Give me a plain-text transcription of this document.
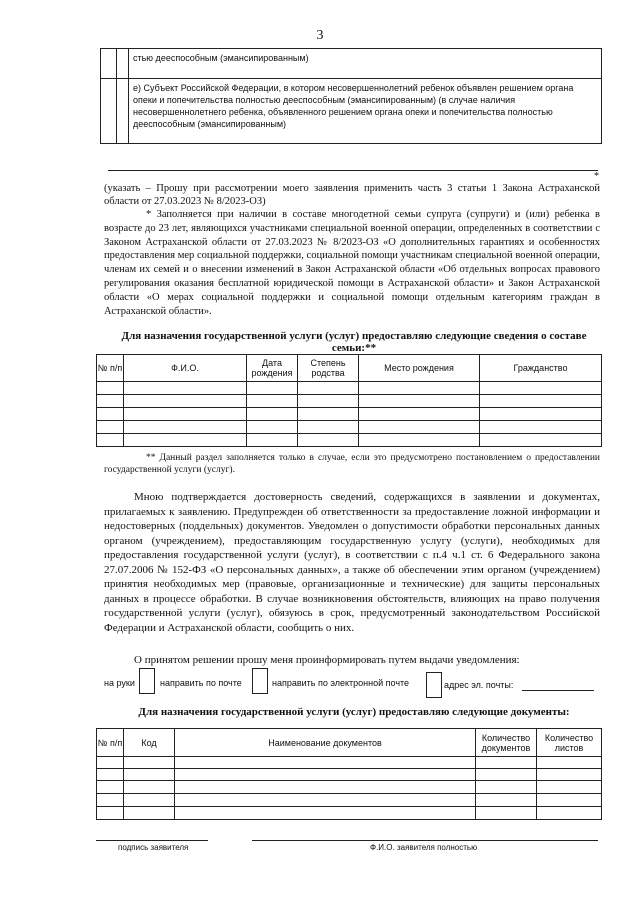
3
		стью дееспособным (эмансипированным)
		е) Субъект Российской Федерации, в котором несовершеннолетний ребенок объявлен решением органа опеки и попечительства полностью дееспособным (эмансипированным) (в случае наличия несовершеннолетнего ребенка, объявленного решением органа опеки и попечительства полностью дееспособным (эмансипированным)
*
(указать – Прошу при рассмотрении моего заявления применить часть 3 статьи 1 Закона Астраханской области от 27.03.2023 № 8/2023-ОЗ)
* Заполняется при наличии в составе многодетной семьи супруга (супруги) и (или) ребенка в возрасте до 23 лет, являющихся участниками специальной военной операции, определенных в соответствии с Законом Астраханской области от 27.03.2023 № 8/2023-ОЗ «О дополнительных гарантиях и особенностях предоставления мер социальной поддержки, социальной помощи участникам специальной военной операции, членам их семей и о внесении изменений в Закон Астраханской области «Об отдельных вопросах правового регулирования оказания бесплатной юридической помощи в Астраханской области» и Закон Астраханской области «О мерах социальной поддержки и социальной помощи отдельным категориям граждан в Астраханской области».
Для назначения государственной услуги (услуг) предоставляю следующие сведения о составе семьи:**
№ п/п	Ф.И.О.	Дата рождения	Степень родства	Место рождения	Гражданство

** Данный раздел заполняется только в случае, если это предусмотрено постановлением о предоставлении государственной услуги (услуг).
Мною подтверждается достоверность сведений, содержащихся в заявлении и документах, прилагаемых к заявлению. Предупрежден об ответственности за предоставление ложной информации и недостоверных (поддельных) документов. Уведомлен о допустимости обработки персональных данных органом (учреждением), предоставляющим государственную услугу (услуги), необходимых для предоставления государственной услуги (услуг), в соответствии с п.4 ч.1 ст. 6 Федерального закона 27.07.2006 № 152-ФЗ «О персональных данных», а также об обеспечении этим органом (учреждением) принятия необходимых мер (правовые, организационные и технические) для защиты персональных данных в процессе обработки. В случае возникновения обстоятельств, влияющих на право получения государственной услуги (услуг), обязуюсь в срок, предусмотренный законодательством Российской Федерации и Астраханской области, сообщить о них.
О принятом решении прошу меня проинформировать путем выдачи уведомления:
на руки	направить по почте	направить по электронной почте	адрес эл. почты:
Для назначения государственной услуги (услуг) предоставляю следующие документы:
№ п/п	Код	Наименование документов	Количество документов	Количество листов

подпись заявителя	Ф.И.О. заявителя полностью
